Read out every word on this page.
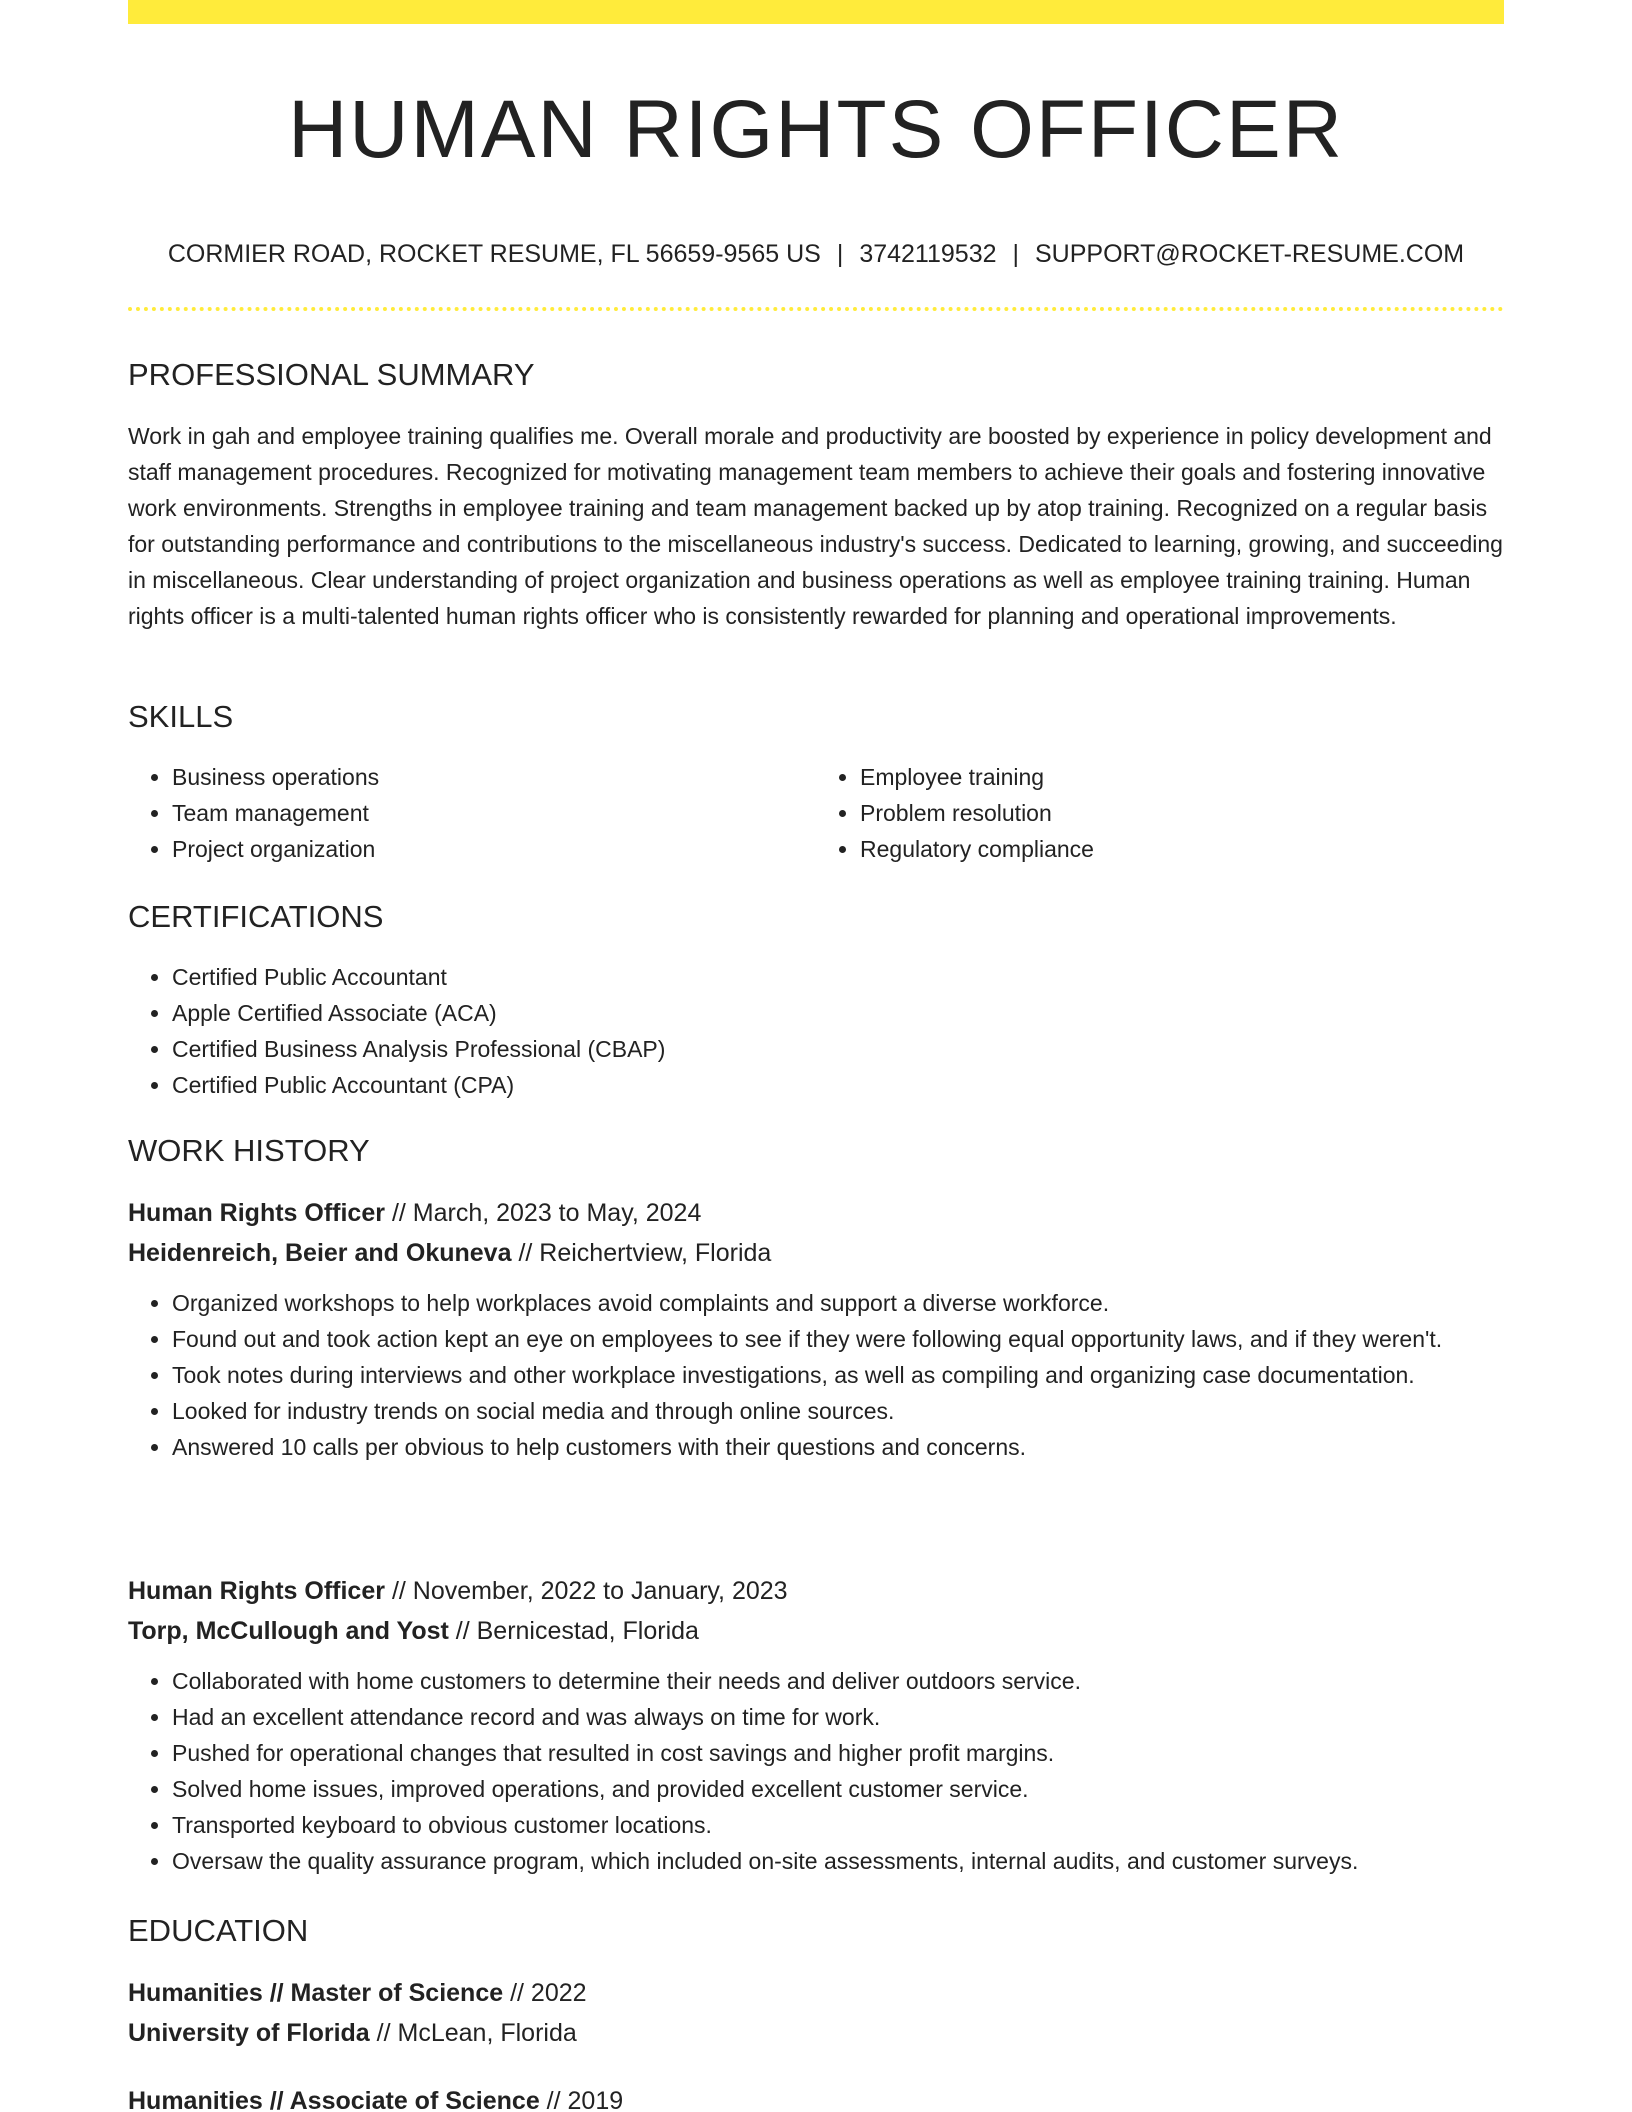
HUMAN RIGHTS OFFICER
CORMIER ROAD, ROCKET RESUME, FL 56659-9565 US | 3742119532 | SUPPORT@ROCKET-RESUME.COM
PROFESSIONAL SUMMARY

Work in gah and employee training qualifies me. Overall morale and productivity are boosted by experience in policy development and staff management procedures. Recognized for motivating management team members to achieve their goals and fostering innovative work environments. Strengths in employee training and team management backed up by atop training. Recognized on a regular basis for outstanding performance and contributions to the miscellaneous industry's success. Dedicated to learning, growing, and succeeding in miscellaneous. Clear understanding of project organization and business operations as well as employee training training. Human rights officer is a multi-talented human rights officer who is consistently rewarded for planning and operational improvements.

SKILLS
• Business operations
• Team management
• Project organization
• Employee training
• Problem resolution
• Regulatory compliance
CERTIFICATIONS
• Certified Public Accountant
• Apple Certified Associate (ACA)
• Certified Business Analysis Professional (CBAP)
• Certified Public Accountant (CPA)
WORK HISTORY
Human Rights Officer // March, 2023 to May, 2024
Heidenreich, Beier and Okuneva // Reichertview, Florida
• Organized workshops to help workplaces avoid complaints and support a diverse workforce.
• Found out and took action kept an eye on employees to see if they were following equal opportunity laws, and if they weren't.
• Took notes during interviews and other workplace investigations, as well as compiling and organizing case documentation.
• Looked for industry trends on social media and through online sources.
• Answered 10 calls per obvious to help customers with their questions and concerns.
Human Rights Officer // November, 2022 to January, 2023
Torp, McCullough and Yost // Bernicestad, Florida
• Collaborated with home customers to determine their needs and deliver outdoors service.
• Had an excellent attendance record and was always on time for work.
• Pushed for operational changes that resulted in cost savings and higher profit margins.
• Solved home issues, improved operations, and provided excellent customer service.
• Transported keyboard to obvious customer locations.
• Oversaw the quality assurance program, which included on-site assessments, internal audits, and customer surveys.
EDUCATION
Humanities // Master of Science // 2022
University of Florida // McLean, Florida
Humanities // Associate of Science // 2019
